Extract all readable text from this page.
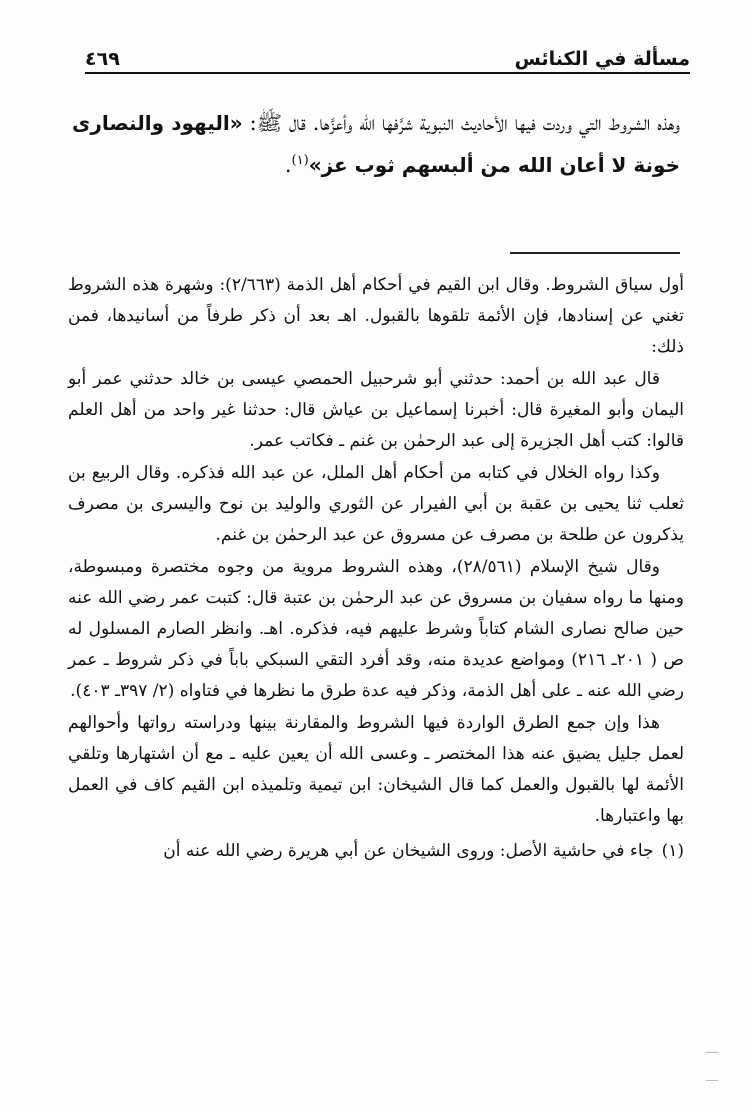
مسألة في الكنائس
٤٦٩
وهذه الشروط التي وردت فيها الأحاديث النبوية شرَّفها الله وأعزَّها. قال ﷺ: «اليهود والنصارى خونة لا أعان الله من ألبسهم ثوب عز»$^{(١)}$.

أول سياق الشروط. وقال ابن القيم في أحكام أهل الذمة (٢/٦٦٣): وشهرة هذه الشروط تغني عن إسنادها، فإن الأئمة تلقوها بالقبول. اهـ بعد أن ذكر طرفاً من أسانيدها، فمن ذلك:

قال عبد الله بن أحمد: حدثني أبو شرحبيل الحمصي عيسى بن خالد حدثني عمر أبو اليمان وأبو المغيرة قال: أخبرنا إسماعيل بن عياش قال: حدثنا غير واحد من أهل العلم قالوا: كتب أهل الجزيرة إلى عبد الرحمٰن بن غنم ـ فكاتب عمر.

وكذا رواه الخلال في كتابه من أحكام أهل الملل، عن عبد الله فذكره. وقال الربيع بن ثعلب ثنا يحيى بن عقبة بن أبي الفيرار عن الثوري والوليد بن نوح واليسرى بن مصرف يذكرون عن طلحة بن مصرف عن مسروق عن عبد الرحمٰن بن غنم.

وقال شيخ الإسلام (٢٨/٥٦١)، وهذه الشروط مروية من وجوه مختصرة ومبسوطة، ومنها ما رواه سفيان بن مسروق عن عبد الرحمٰن بن عتبة قال: كتبت عمر رضي الله عنه حين صالح نصارى الشام كتاباً وشرط عليهم فيه، فذكره. اهـ. وانظر الصارم المسلول له ص ( ٢٠١ـ ٢١٦) ومواضع عديدة منه، وقد أفرد التقي السبكي باباً في ذكر شروط ـ عمر رضي الله عنه ـ على أهل الذمة، وذكر فيه عدة طرق ما نظرها في فتاواه (٢/ ٣٩٧ـ ٤٠٣).

هذا وإن جمع الطرق الواردة فيها الشروط والمقارنة بينها ودراسته رواتها وأحوالهم لعمل جليل يضيق عنه هذا المختصر ـ وعسى الله أن يعين عليه ـ مع أن اشتهارها وتلقي الأئمة لها بالقبول والعمل كما قال الشيخان: ابن تيمية وتلميذه ابن القيم كاف في العمل بها واعتبارها.

(١)
جاء في حاشية الأصل: وروى الشيخان عن أبي هريرة رضي الله عنه أن
